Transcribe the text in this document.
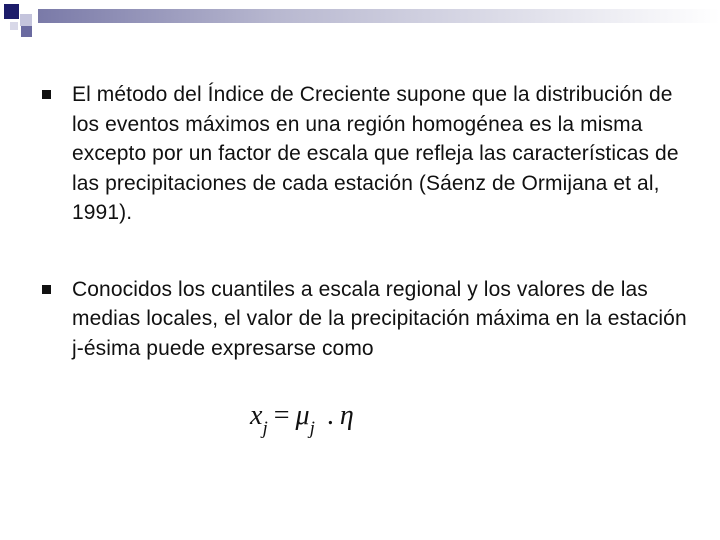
El método del Índice de Creciente supone que la distribución de los eventos máximos en una región homogénea es la misma excepto por un factor de escala que refleja las características de las precipitaciones de cada estación (Sáenz de Ormijana et al, 1991).
Conocidos los cuantiles a escala regional y los valores de las medias locales, el valor de la precipitación máxima en la estación j-ésima puede expresarse como
$x_j = \mu_j$ . η
